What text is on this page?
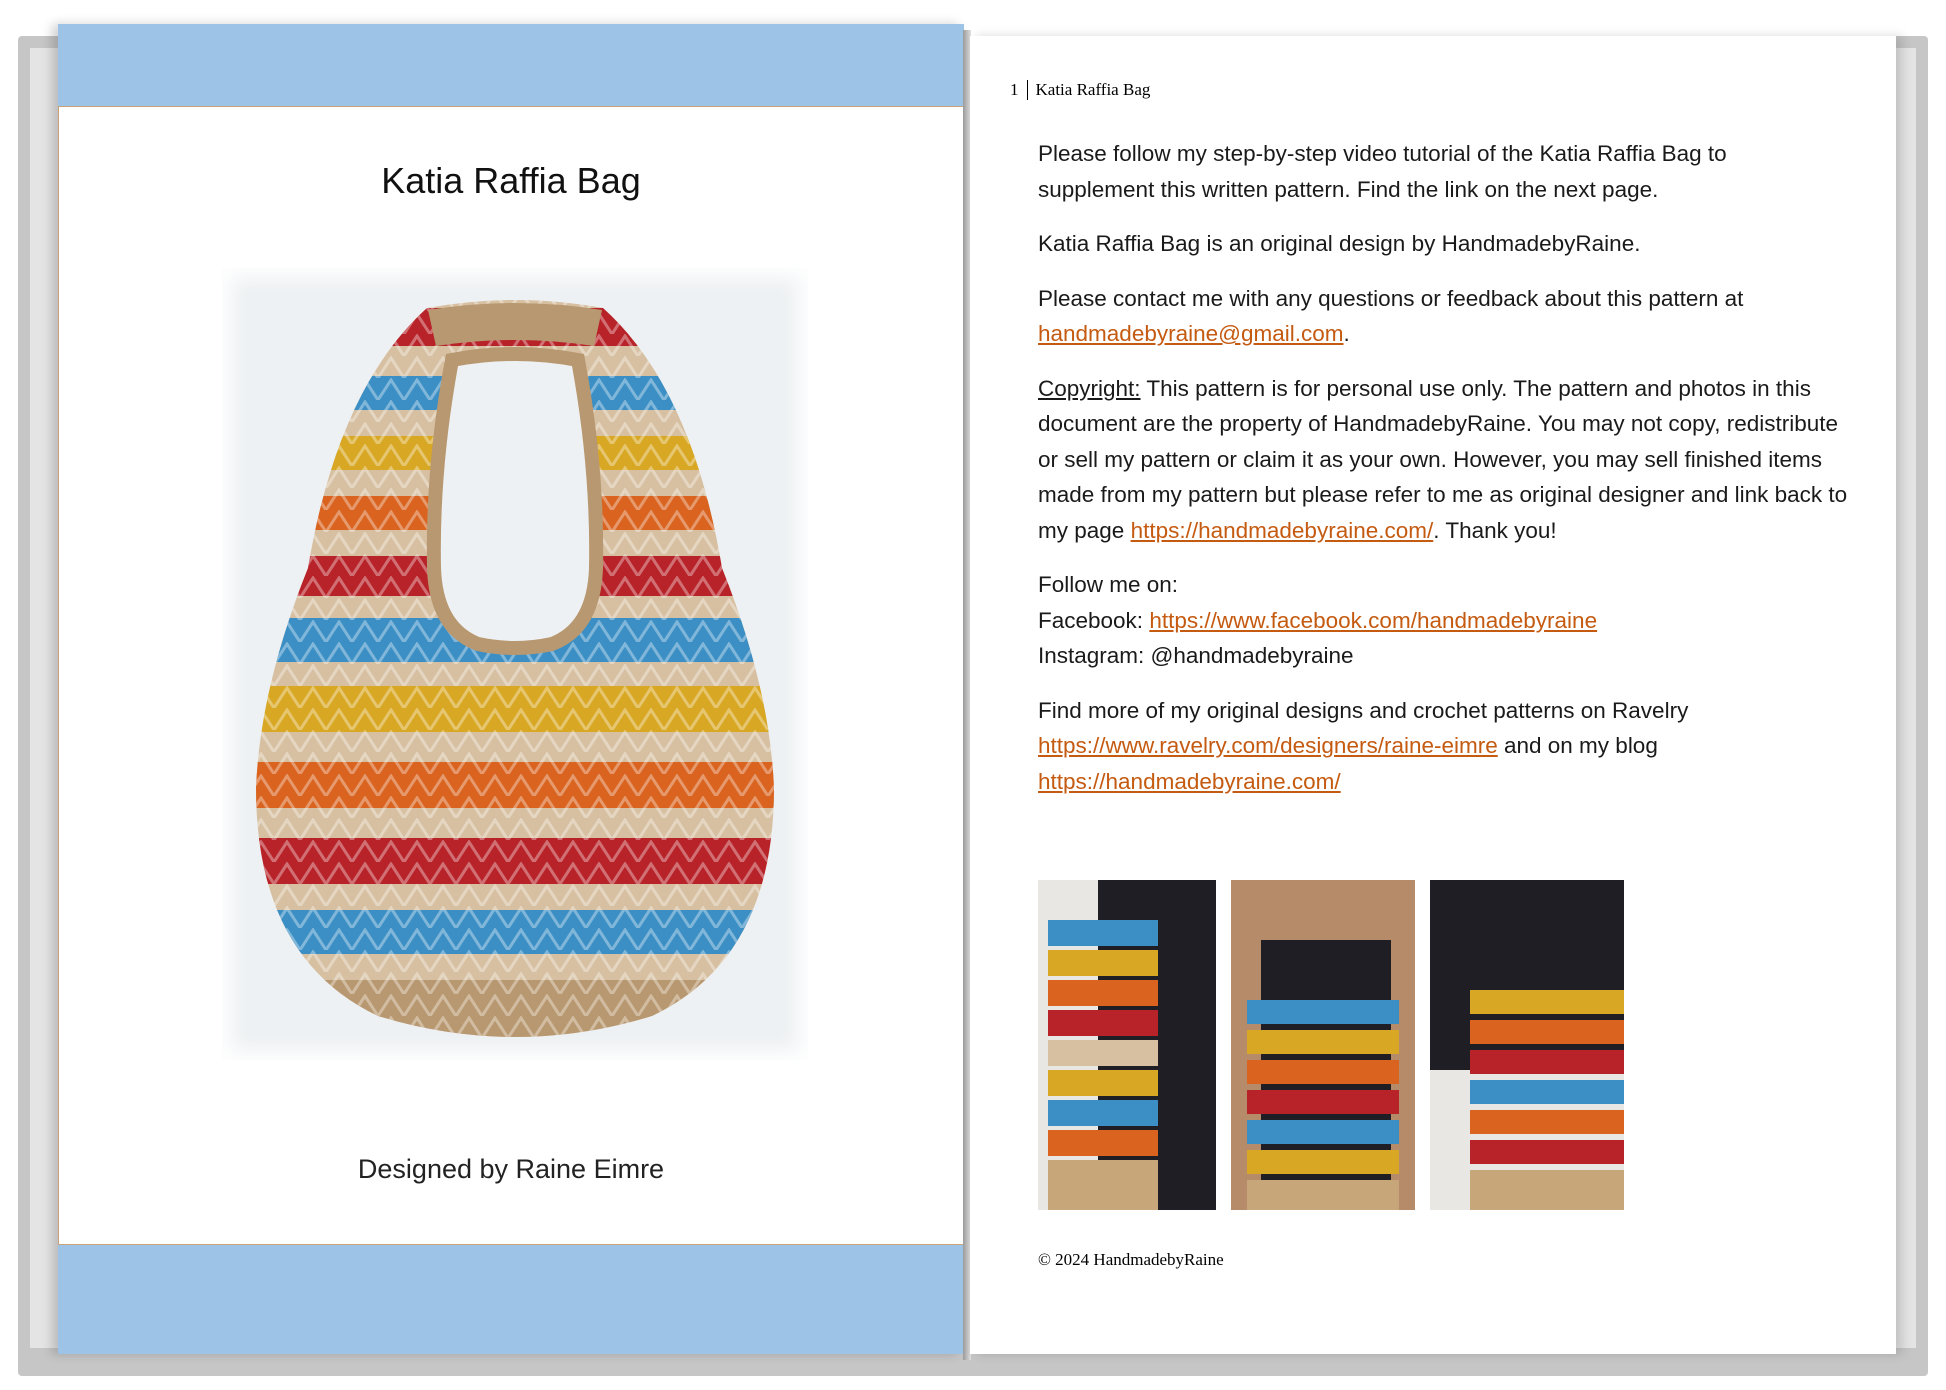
Katia Raffia Bag
Designed by Raine Eimre
1	Katia Raffia Bag

Please follow my step-by-step video tutorial of the Katia Raffia Bag to supplement this written pattern. Find the link on the next page.

Katia Raffia Bag is an original design by HandmadebyRaine.

Please contact me with any questions or feedback about this pattern at handmadebyraine@gmail.com.

Copyright: This pattern is for personal use only. The pattern and photos in this document are the property of HandmadebyRaine. You may not copy, redistribute or sell my pattern or claim it as your own. However, you may sell finished items made from my pattern but please refer to me as original designer and link back to my page https://handmadebyraine.com/. Thank you!

Follow me on:
Facebook: https://www.facebook.com/handmadebyraine
Instagram: @handmadebyraine

Find more of my original designs and crochet patterns on Ravelry
https://www.ravelry.com/designers/raine-eimre and on my blog
https://handmadebyraine.com/

© 2024 HandmadebyRaine
